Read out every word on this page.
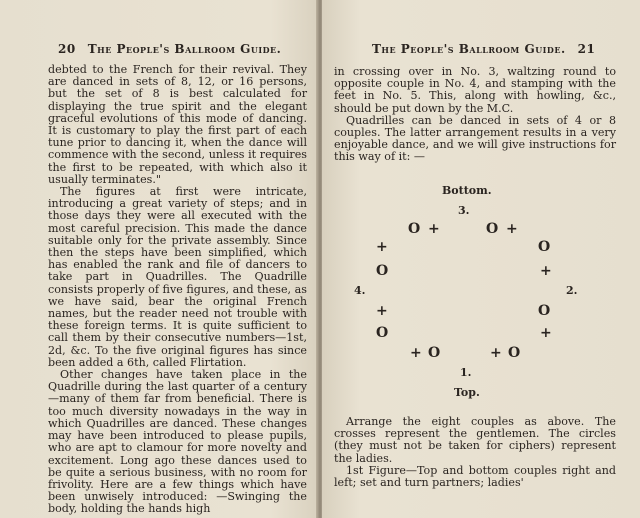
20 The People's Ballroom Guide.

debted to the French for their revival. They are danced in sets of 8, 12, or 16 persons, but the set of 8 is best calculated for displaying the true spirit and the elegant graceful evolutions of this mode of dancing. It is customary to play the first part of each tune prior to dancing it, when the dance will commence with the second, unless it requires the first to be repeated, with which also it usually terminates."

The figures at first were intricate, introducing a great variety of steps; and in those days they were all executed with the most careful precision. This made the dance suitable only for the private assembly. Since then the steps have been simplified, which has enabled the rank and file of dancers to take part in Quadrilles. The Quadrille consists properly of five figures, and these, as we have said, bear the original French names, but the reader need not trouble with these foreign terms. It is quite sufficient to call them by their consecutive numbers—1st, 2d, &c. To the five original figures has since been added a 6th, called Flirtation.

Other changes have taken place in the Quadrille during the last quarter of a century—many of them far from beneficial. There is too much diversity nowadays in the way in which Quadrilles are danced. These changes may have been introduced to please pupils, who are apt to clamour for more novelty and excitement. Long ago these dances used to be quite a serious business, with no room for frivolity. Here are a few things which have been unwisely introduced: —Swinging the body, holding the hands high

The People's Ballroom Guide. 21

in crossing over in No. 3, waltzing round to opposite couple in No. 4, and stamping with the feet in No. 5. This, along with howling, &c., should be put down by the M.C.

Quadrilles can be danced in sets of 4 or 8 couples. The latter arrangement results in a very enjoyable dance, and we will give instructions for this way of it: —

Bottom.
3.
O +	O +
+	O
O	+
4.	2.
+	O
O	+
+ O	+ O
1.
Top.

Arrange the eight couples as above. The crosses represent the gentlemen. The circles (they must not be taken for ciphers) represent the ladies.

1st Figure—Top and bottom couples right and left; set and turn partners; ladies'
